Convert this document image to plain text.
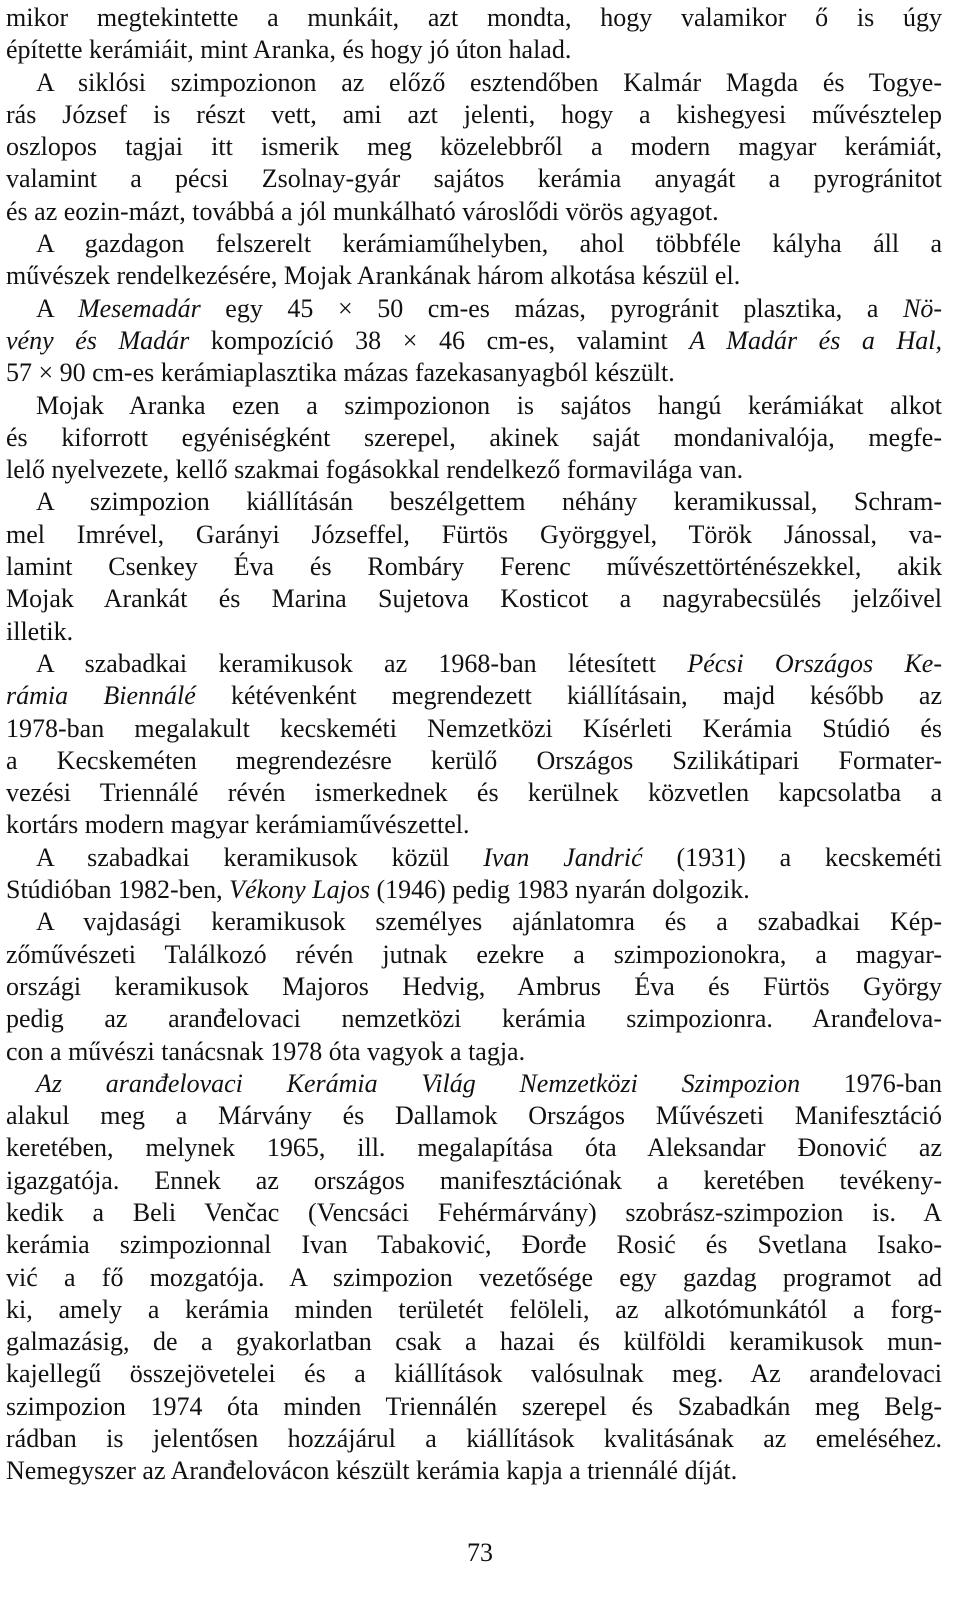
mikor megtekintette a munkáit, azt mondta, hogy valamikor ő is úgy
építette kerámiáit, mint Aranka, és hogy jó úton halad.
A siklósi szimpozionon az előző esztendőben Kalmár Magda és Togye-
rás József is részt vett, ami azt jelenti, hogy a kishegyesi művésztelep
oszlopos tagjai itt ismerik meg közelebbről a modern magyar kerámiát,
valamint a pécsi Zsolnay-gyár sajátos kerámia anyagát a pyrogránitot
és az eozin-mázt, továbbá a jól munkálható városlődi vörös agyagot.
A gazdagon felszerelt kerámiaműhelyben, ahol többféle kályha áll a
művészek rendelkezésére, Mojak Arankának három alkotása készül el.
A Mesemadár egy 45 × 50 cm-es mázas, pyrogránit plasztika, a Nö-
vény és Madár kompozíció 38 × 46 cm-es, valamint A Madár és a Hal,
57 × 90 cm-es kerámiaplasztika mázas fazekasanyagból készült.
Mojak Aranka ezen a szimpozionon is sajátos hangú kerámiákat alkot
és kiforrott egyéniségként szerepel, akinek saját mondanivalója, megfe-
lelő nyelvezete, kellő szakmai fogásokkal rendelkező formavilága van.
A szimpozion kiállításán beszélgettem néhány keramikussal, Schram-
mel Imrével, Garányi Józseffel, Fürtös Györggyel, Török Jánossal, va-
lamint Csenkey Éva és Rombáry Ferenc művészettörténészekkel, akik
Mojak Arankát és Marina Sujetova Kosticot a nagyrabecsülés jelzőivel
illetik.
A szabadkai keramikusok az 1968-ban létesített Pécsi Országos Ke-
rámia Biennálé kétévenként megrendezett kiállításain, majd később az
1978-ban megalakult kecskeméti Nemzetközi Kísérleti Kerámia Stúdió és
a Kecskeméten megrendezésre kerülő Országos Szilikátipari Formater-
vezési Triennálé révén ismerkednek és kerülnek közvetlen kapcsolatba a
kortárs modern magyar kerámiaművészettel.
A szabadkai keramikusok közül Ivan Jandrić (1931) a kecskeméti
Stúdióban 1982-ben, Vékony Lajos (1946) pedig 1983 nyarán dolgozik.
A vajdasági keramikusok személyes ajánlatomra és a szabadkai Kép-
zőművészeti Találkozó révén jutnak ezekre a szimpozionokra, a magyar-
országi keramikusok Majoros Hedvig, Ambrus Éva és Fürtös György
pedig az aranđelovaci nemzetközi kerámia szimpozionra. Aranđelova-
con a művészi tanácsnak 1978 óta vagyok a tagja.
Az aranđelovaci Kerámia Világ Nemzetközi Szimpozion 1976-ban
alakul meg a Márvány és Dallamok Országos Művészeti Manifesztáció
keretében, melynek 1965, ill. megalapítása óta Aleksandar Đonović az
igazgatója. Ennek az országos manifesztációnak a keretében tevékeny-
kedik a Beli Venčac (Vencsáci Fehérmárvány) szobrász-szimpozion is. A
kerámia szimpozionnal Ivan Tabaković, Đorđe Rosić és Svetlana Isako-
vić a fő mozgatója. A szimpozion vezetősége egy gazdag programot ad
ki, amely a kerámia minden területét felöleli, az alkotómunkától a forg-
galmazásig, de a gyakorlatban csak a hazai és külföldi keramikusok mun-
kajellegű összejövetelei és a kiállítások valósulnak meg. Az aranđelovaci
szimpozion 1974 óta minden Triennálén szerepel és Szabadkán meg Belg-
rádban is jelentősen hozzájárul a kiállítások kvalitásának az emeléséhez.
Nemegyszer az Aranđelovácon készült kerámia kapja a triennálé díját.
73
